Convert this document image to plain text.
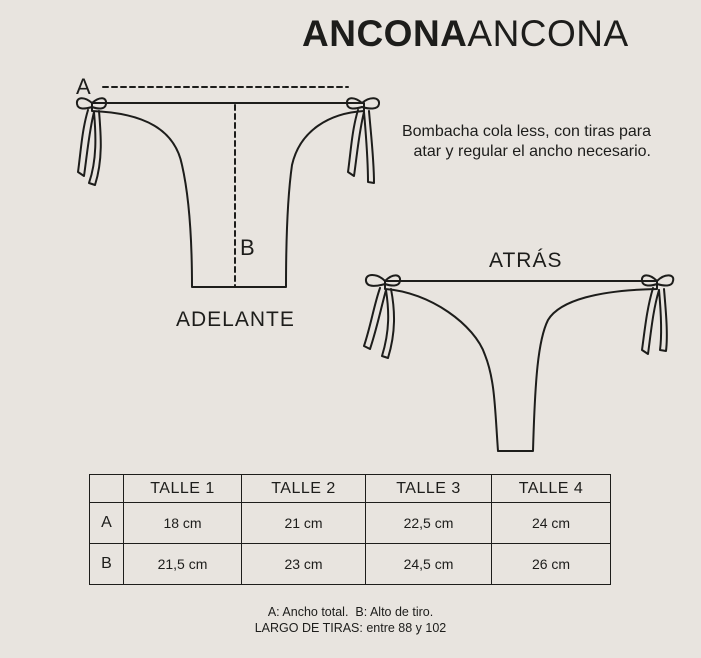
ANCONAANCONA
Bombacha cola less, con tiras para atar y regular el ancho necesario.
A
B
ADELANTE
ATRÁS
	TALLE 1	TALLE 2	TALLE 3	TALLE 4
A	18 cm	21 cm	22,5 cm	24 cm
B	21,5 cm	23 cm	24,5 cm	26 cm
A: Ancho total.  B: Alto de tiro.
LARGO DE TIRAS: entre 88 y 102
